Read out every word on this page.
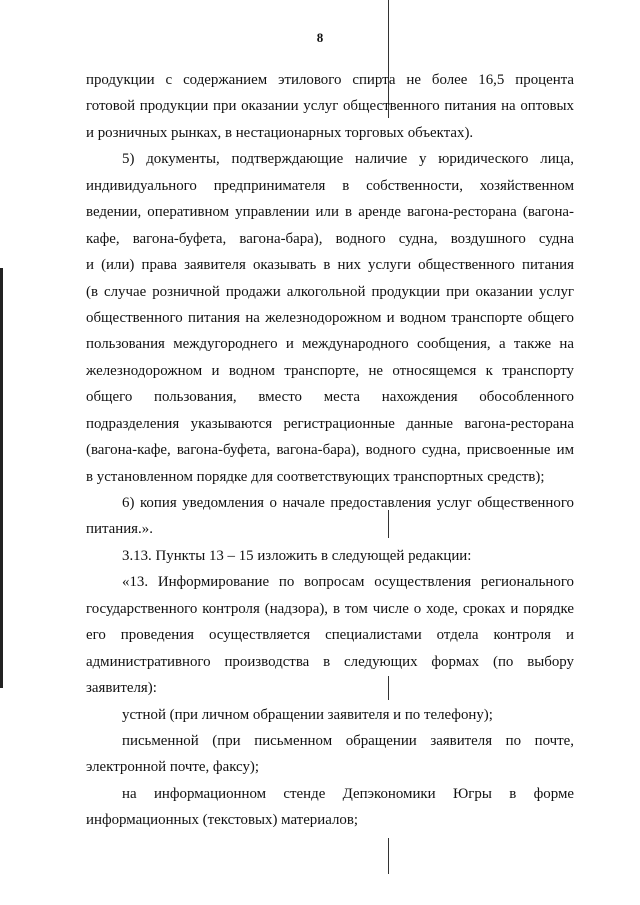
8
продукции с содержанием этилового спирта не более 16,5 процента
готовой продукции при оказании услуг общественного питания на оптовых
и розничных рынках, в нестационарных торговых объектах).
5) документы, подтверждающие наличие у юридического лица,
индивидуального предпринимателя в собственности, хозяйственном
ведении, оперативном управлении или в аренде вагона-ресторана (вагона-
кафе, вагона-буфета, вагона-бара), водного судна, воздушного судна
и (или) права заявителя оказывать в них услуги общественного питания
(в случае розничной продажи алкогольной продукции при оказании услуг
общественного питания на железнодорожном и водном транспорте общего
пользования междугороднего и международного сообщения, а также на
железнодорожном и водном транспорте, не относящемся к транспорту
общего пользования, вместо места нахождения обособленного
подразделения указываются регистрационные данные вагона-ресторана
(вагона-кафе, вагона-буфета, вагона-бара), водного судна, присвоенные им
в установленном порядке для соответствующих транспортных средств);
6) копия уведомления о начале предоставления услуг общественного
питания.».
3.13. Пункты 13 – 15 изложить в следующей редакции:
«13. Информирование по вопросам осуществления регионального
государственного контроля (надзора), в том числе о ходе, сроках и порядке
его проведения осуществляется специалистами отдела контроля и
административного производства в следующих формах (по выбору
заявителя):
устной (при личном обращении заявителя и по телефону);
письменной (при письменном обращении заявителя по почте,
электронной почте, факсу);
на информационном стенде Депэкономики Югры в форме
информационных (текстовых) материалов;
